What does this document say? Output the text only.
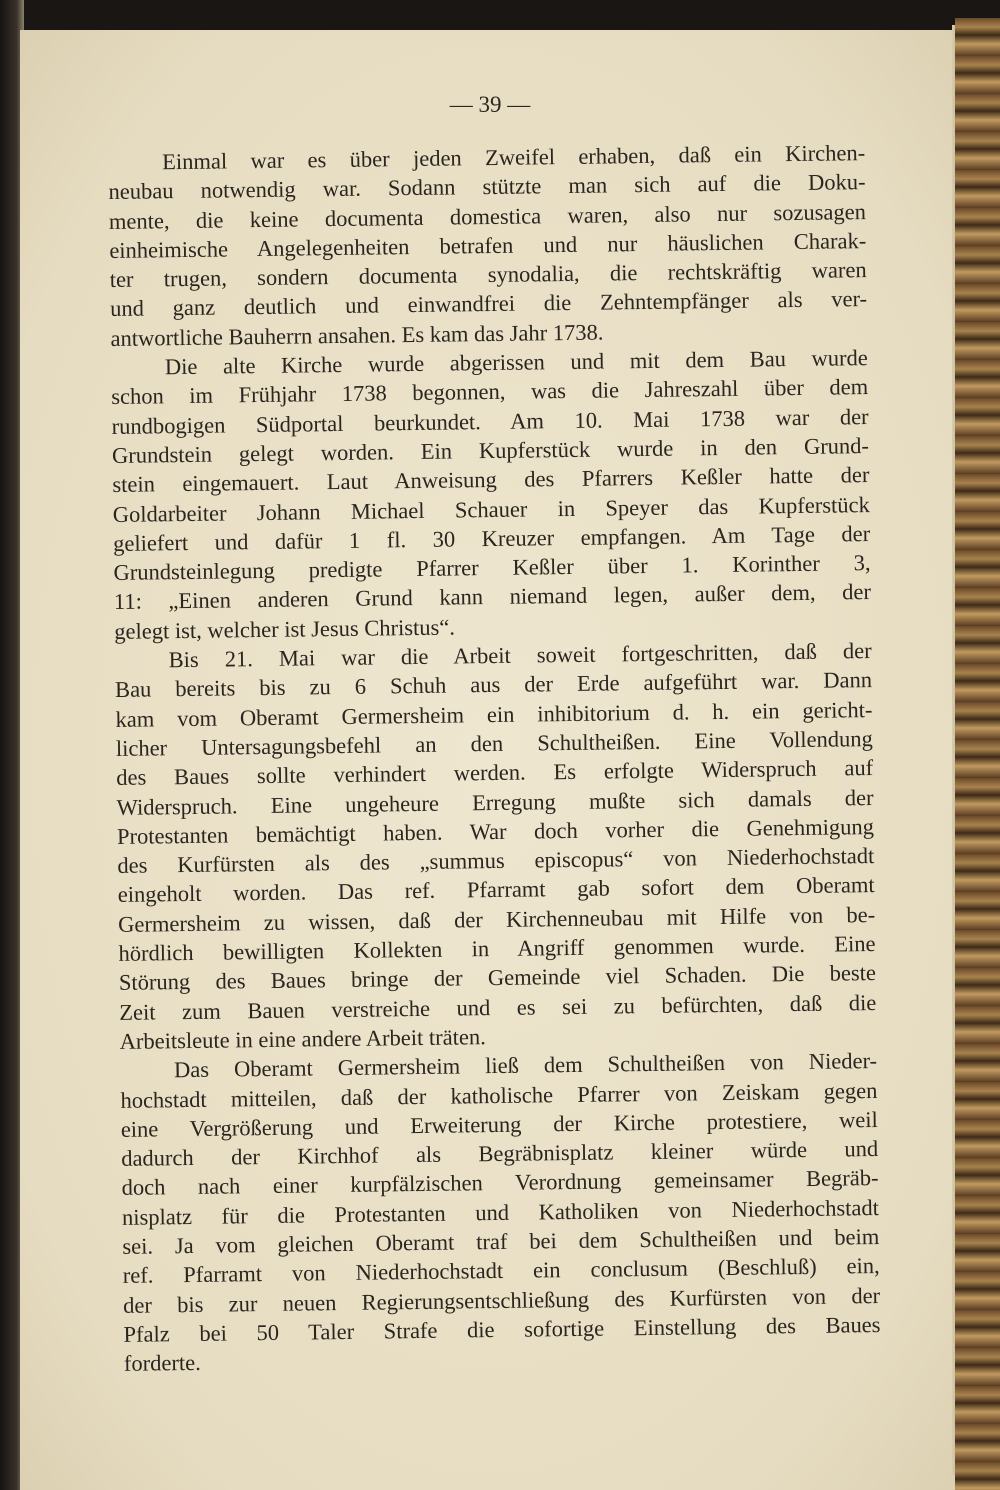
— 39 —
Einmal war es über jeden Zweifel erhaben, daß ein Kirchen-
neubau notwendig war. Sodann stützte man sich auf die Doku-
mente, die keine documenta domestica waren, also nur sozusagen
einheimische Angelegenheiten betrafen und nur häuslichen Charak-
ter trugen, sondern documenta synodalia, die rechtskräftig waren
und ganz deutlich und einwandfrei die Zehntempfänger als ver-
antwortliche Bauherrn ansahen. Es kam das Jahr 1738.
Die alte Kirche wurde abgerissen und mit dem Bau wurde
schon im Frühjahr 1738 begonnen, was die Jahreszahl über dem
rundbogigen Südportal beurkundet. Am 10. Mai 1738 war der
Grundstein gelegt worden. Ein Kupferstück wurde in den Grund-
stein eingemauert. Laut Anweisung des Pfarrers Keßler hatte der
Goldarbeiter Johann Michael Schauer in Speyer das Kupferstück
geliefert und dafür 1 fl. 30 Kreuzer empfangen. Am Tage der
Grundsteinlegung predigte Pfarrer Keßler über 1. Korinther 3,
11: „Einen anderen Grund kann niemand legen, außer dem, der
gelegt ist, welcher ist Jesus Christus“.
Bis 21. Mai war die Arbeit soweit fortgeschritten, daß der
Bau bereits bis zu 6 Schuh aus der Erde aufgeführt war. Dann
kam vom Oberamt Germersheim ein inhibitorium d. h. ein gericht-
licher Untersagungsbefehl an den Schultheißen. Eine Vollendung
des Baues sollte verhindert werden. Es erfolgte Widerspruch auf
Widerspruch. Eine ungeheure Erregung mußte sich damals der
Protestanten bemächtigt haben. War doch vorher die Genehmigung
des Kurfürsten als des „summus episcopus“ von Niederhochstadt
eingeholt worden. Das ref. Pfarramt gab sofort dem Oberamt
Germersheim zu wissen, daß der Kirchenneubau mit Hilfe von be-
hördlich bewilligten Kollekten in Angriff genommen wurde. Eine
Störung des Baues bringe der Gemeinde viel Schaden. Die beste
Zeit zum Bauen verstreiche und es sei zu befürchten, daß die
Arbeitsleute in eine andere Arbeit träten.
Das Oberamt Germersheim ließ dem Schultheißen von Nieder-
hochstadt mitteilen, daß der katholische Pfarrer von Zeiskam gegen
eine Vergrößerung und Erweiterung der Kirche protestiere, weil
dadurch der Kirchhof als Begräbnisplatz kleiner würde und
doch nach einer kurpfälzischen Verordnung gemeinsamer Begräb-
nisplatz für die Protestanten und Katholiken von Niederhochstadt
sei. Ja vom gleichen Oberamt traf bei dem Schultheißen und beim
ref. Pfarramt von Niederhochstadt ein conclusum (Beschluß) ein,
der bis zur neuen Regierungsentschließung des Kurfürsten von der
Pfalz bei 50 Taler Strafe die sofortige Einstellung des Baues
forderte.
